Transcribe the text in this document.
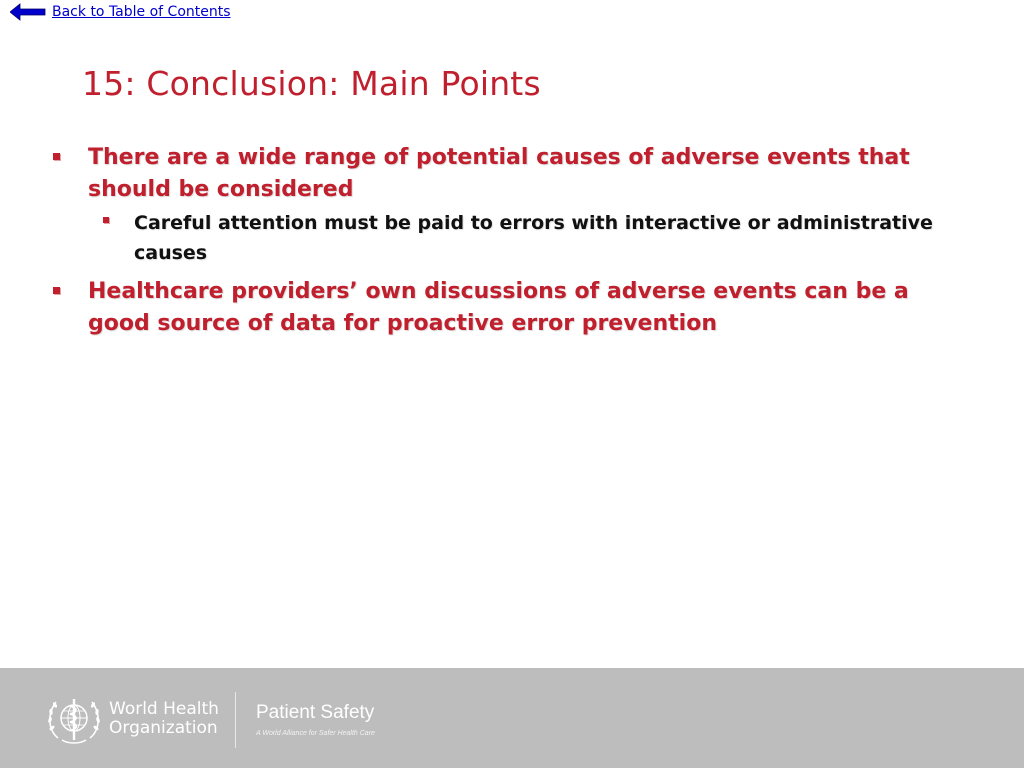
Back to Table of Contents
15: Conclusion: Main Points
There are a wide range of potential causes of adverse events that should be considered
Careful attention must be paid to errors with interactive or administrative causes
Healthcare providers’ own discussions of adverse events can be a good source of data for proactive error prevention
World Health
Organization
Patient Safety
A World Alliance for Safer Health Care
